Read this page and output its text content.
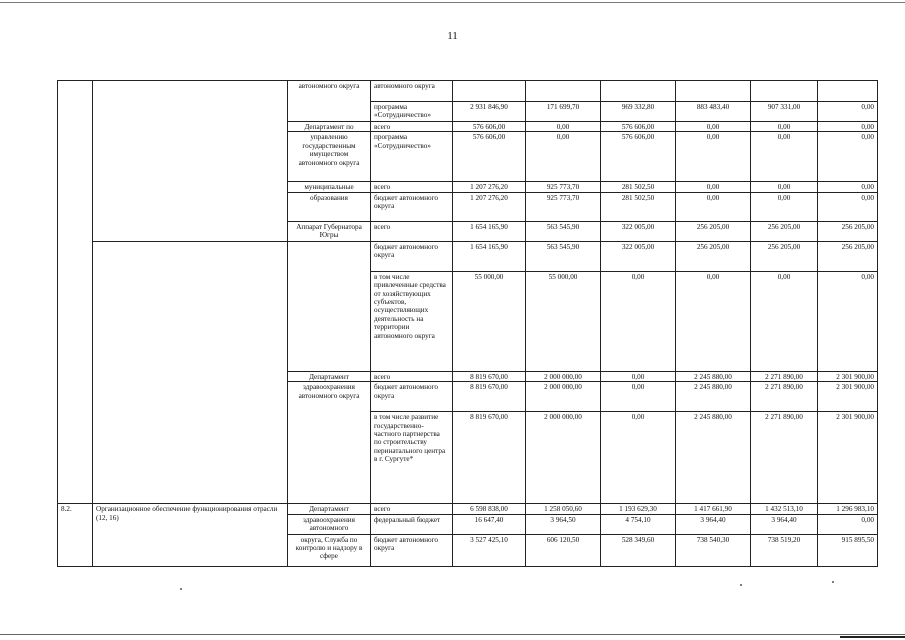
11
		автономного округа	автономного округа						
			программа «Сотрудничество»	2 931 846,90	171 699,70	969 332,80	883 483,40	907 331,00	0,00
		Департамент по	всего	576 606,00	0,00	576 606,00	0,00	0,00	0,00
		управлению государственным имуществом автономного округа	программа «Сотрудничество»	576 606,00	0,00	576 606,00	0,00	0,00	0,00
		муниципальные	всего	1 207 276,20	925 773,70	281 502,50	0,00	0,00	0,00
		образования	бюджет автономного округа	1 207 276,20	925 773,70	281 502,50	0,00	0,00	0,00
		Аппарат Губернатора Югры	всего	1 654 165,90	563 545,90	322 005,00	256 205,00	256 205,00	256 205,00
			бюджет автономного округа	1 654 165,90	563 545,90	322 005,00	256 205,00	256 205,00	256 205,00
			в том числе привлеченные средства от хозяйствующих субъектов, осуществляющих деятельность на территории автономного округа	55 000,00	55 000,00	0,00	0,00	0,00	0,00
		Департамент	всего	8 819 670,00	2 000 000,00	0,00	2 245 880,00	2 271 890,00	2 301 900,00
		здравоохранения автономного округа	бюджет автономного округа	8 819 670,00	2 000 000,00	0,00	2 245 880,00	2 271 890,00	2 301 900,00
			в том числе развитие государственно-частного партнерства по строительству перинатального центра в г. Сургуте*	8 819 670,00	2 000 000,00	0,00	2 245 880,00	2 271 890,00	2 301 900,00
8.2.	Организационное обеспечение функционирования отрасли (12, 16)	Департамент	всего	6 598 838,00	1 258 050,60	1 193 629,30	1 417 661,90	1 432 513,10	1 296 983,10
		здравоохранения автономного	федеральный бюджет	16 647,40	3 964,50	4 754,10	3 964,40	3 964,40	0,00
		округа, Служба по контролю и надзору в сфере	бюджет автономного округа	3 527 425,10	606 120,50	528 349,60	738 540,30	738 519,20	915 895,50
